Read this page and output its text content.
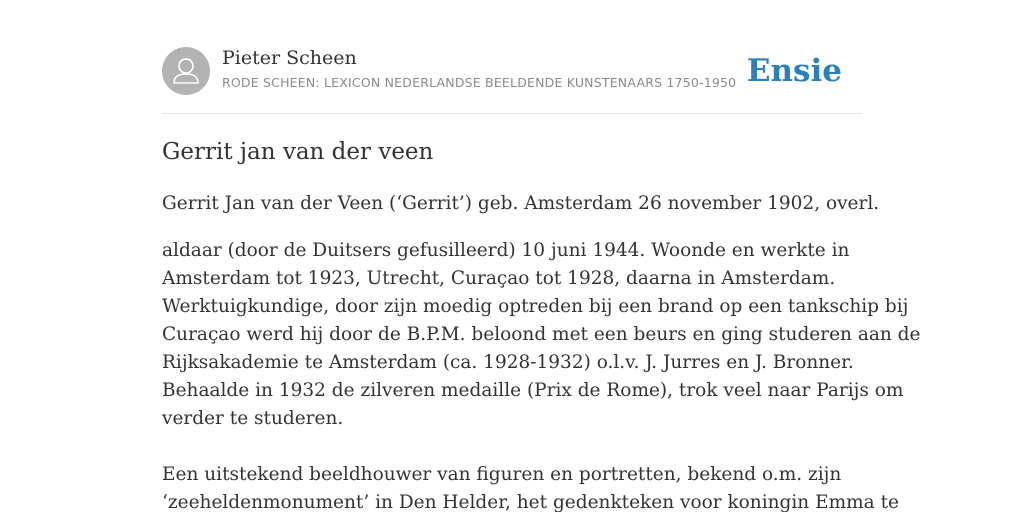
Pieter Scheen
RODE SCHEEN: LEXICON NEDERLANDSE BEELDENDE KUNSTENAARS 1750-1950 Ensie
Gerrit jan van der veen

Gerrit Jan van der Veen (‘Gerrit’) geb. Amsterdam 26 november 1902, overl.

aldaar (door de Duitsers gefusilleerd) 10 juni 1944. Woonde en werkte in
Amsterdam tot 1923, Utrecht, Curaçao tot 1928, daarna in Amsterdam.
Werktuigkundige, door zijn moedig optreden bij een brand op een tankschip bij
Curaçao werd hij door de B.P.M. beloond met een beurs en ging studeren aan de
Rijksakademie te Amsterdam (ca. 1928-1932) o.l.v. J. Jurres en J. Bronner.
Behaalde in 1932 de zilveren medaille (Prix de Rome), trok veel naar Parijs om
verder te studeren.

Een uitstekend beeldhouwer van figuren en portretten, bekend o.m. zijn
‘zeeheldenmonument’ in Den Helder, het gedenkteken voor koningin Emma te
